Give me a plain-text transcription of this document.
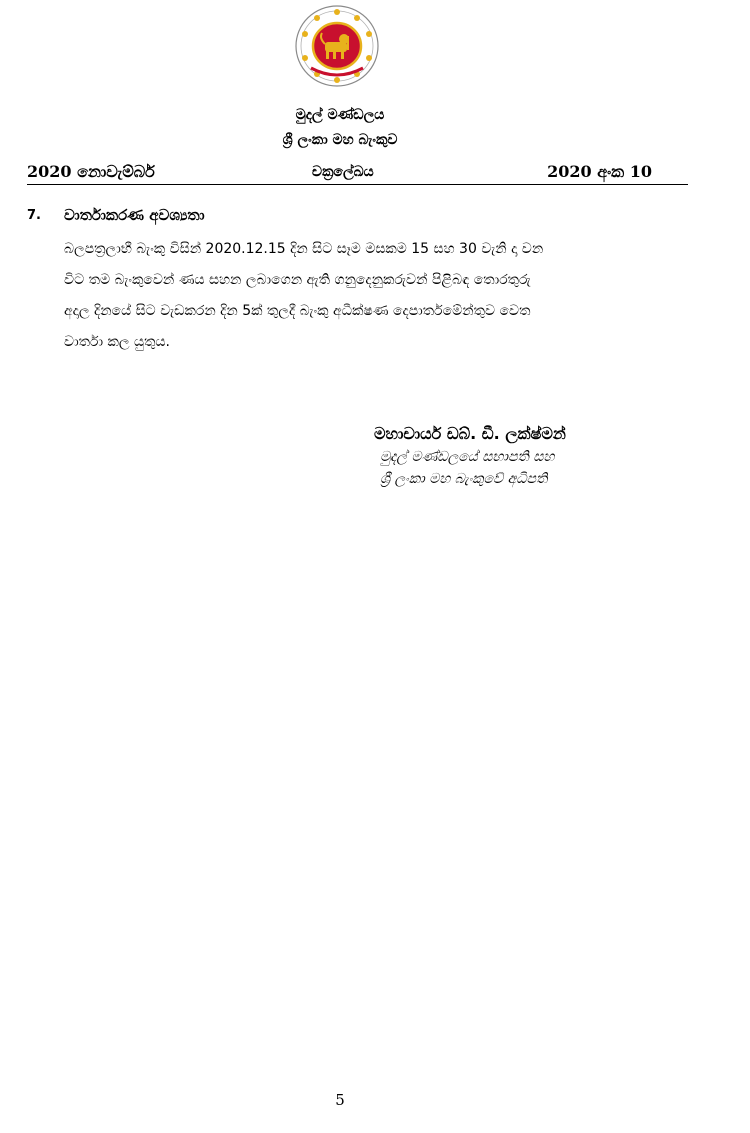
මුදල් මණ්ඩලය
ශ්‍රී ලංකා මහ බැංකුව
2020 නොවැම්බර්	චක්‍රලේඛය	2020 අංක 10
7. වාර්තාකරණ අවශ්‍යතා
බලපත්‍රලාභී බැංකු විසින් 2020.12.15 දින සිට සෑම මසකම 15 සහ 30 වැනි දා වන
විට තම බැංකුවෙන් ණය සහන ලබාගෙන ඇති ගනුදෙනුකරුවන් පිළිබඳ තොරතුරු
අදාල දිනයේ සිට වැඩකරන දින 5ක් තුලදී බැංකු අධීක්ෂණ දෙපාර්තමේන්තුව වෙත
වාර්තා කල යුතුය.
මහාචාර්ය ඩබ්. ඩී. ලක්ෂ්මන්
මුදල් මණ්ඩලයේ සභාපති සහ
ශ්‍රී ලංකා මහ බැංකුවේ අධිපති
5
